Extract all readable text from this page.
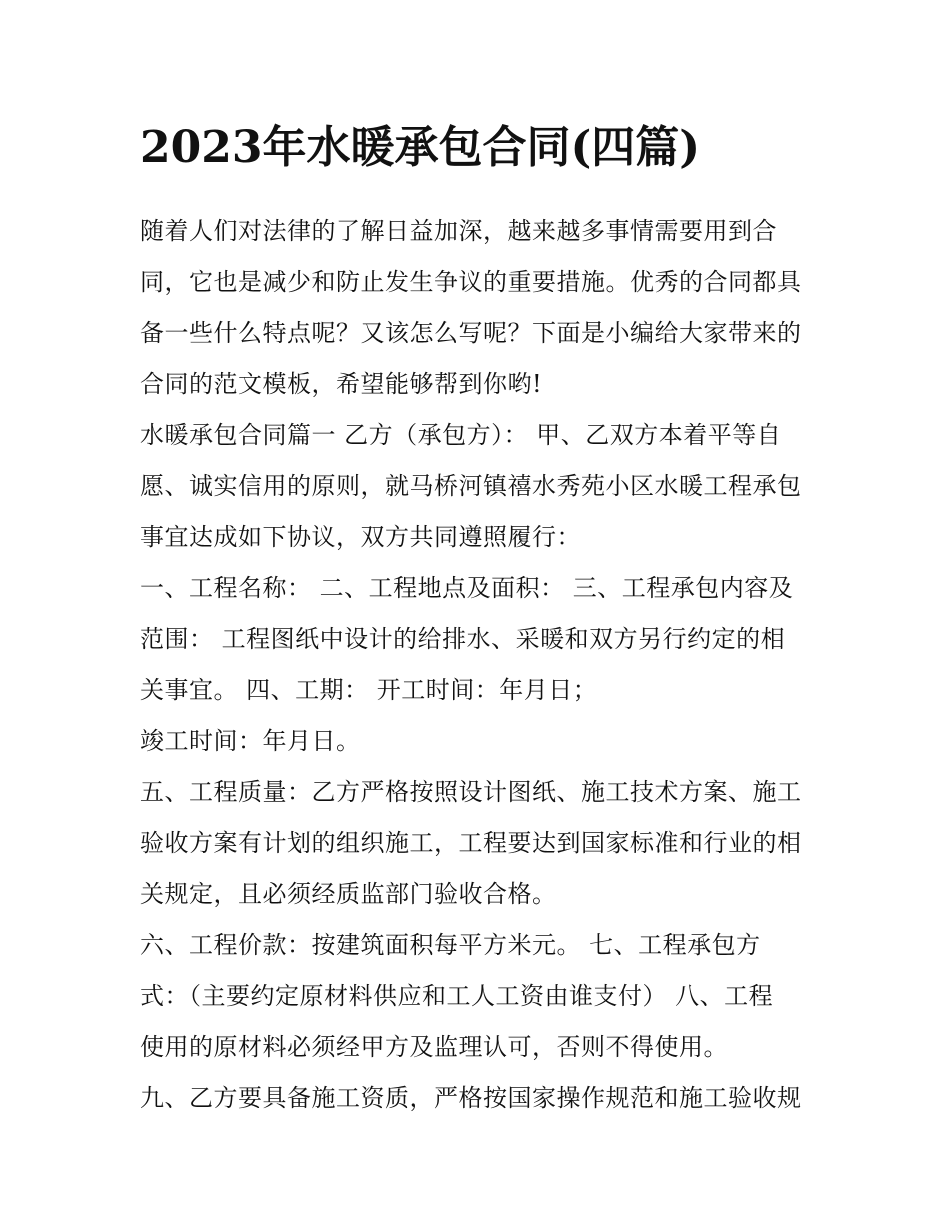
2023年水暖承包合同(四篇)
随着人们对法律的了解日益加深，越来越多事情需要用到合
同，它也是减少和防止发生争议的重要措施。优秀的合同都具
备一些什么特点呢？又该怎么写呢？下面是小编给大家带来的
合同的范文模板，希望能够帮到你哟!
水暖承包合同篇一 乙方（承包方）： 甲、乙双方本着平等自
愿、诚实信用的原则，就马桥河镇禧水秀苑小区水暖工程承包
事宜达成如下协议，双方共同遵照履行：
一、工程名称： 二、工程地点及面积： 三、工程承包内容及
范围： 工程图纸中设计的给排水、采暖和双方另行约定的相
关事宜。 四、工期： 开工时间：年月日；
竣工时间：年月日。
五、工程质量：乙方严格按照设计图纸、施工技术方案、施工
验收方案有计划的组织施工，工程要达到国家标准和行业的相
关规定，且必须经质监部门验收合格。
六、工程价款：按建筑面积每平方米元。 七、工程承包方
式：（主要约定原材料供应和工人工资由谁支付） 八、工程
使用的原材料必须经甲方及监理认可，否则不得使用。
九、乙方要具备施工资质，严格按国家操作规范和施工验收规
